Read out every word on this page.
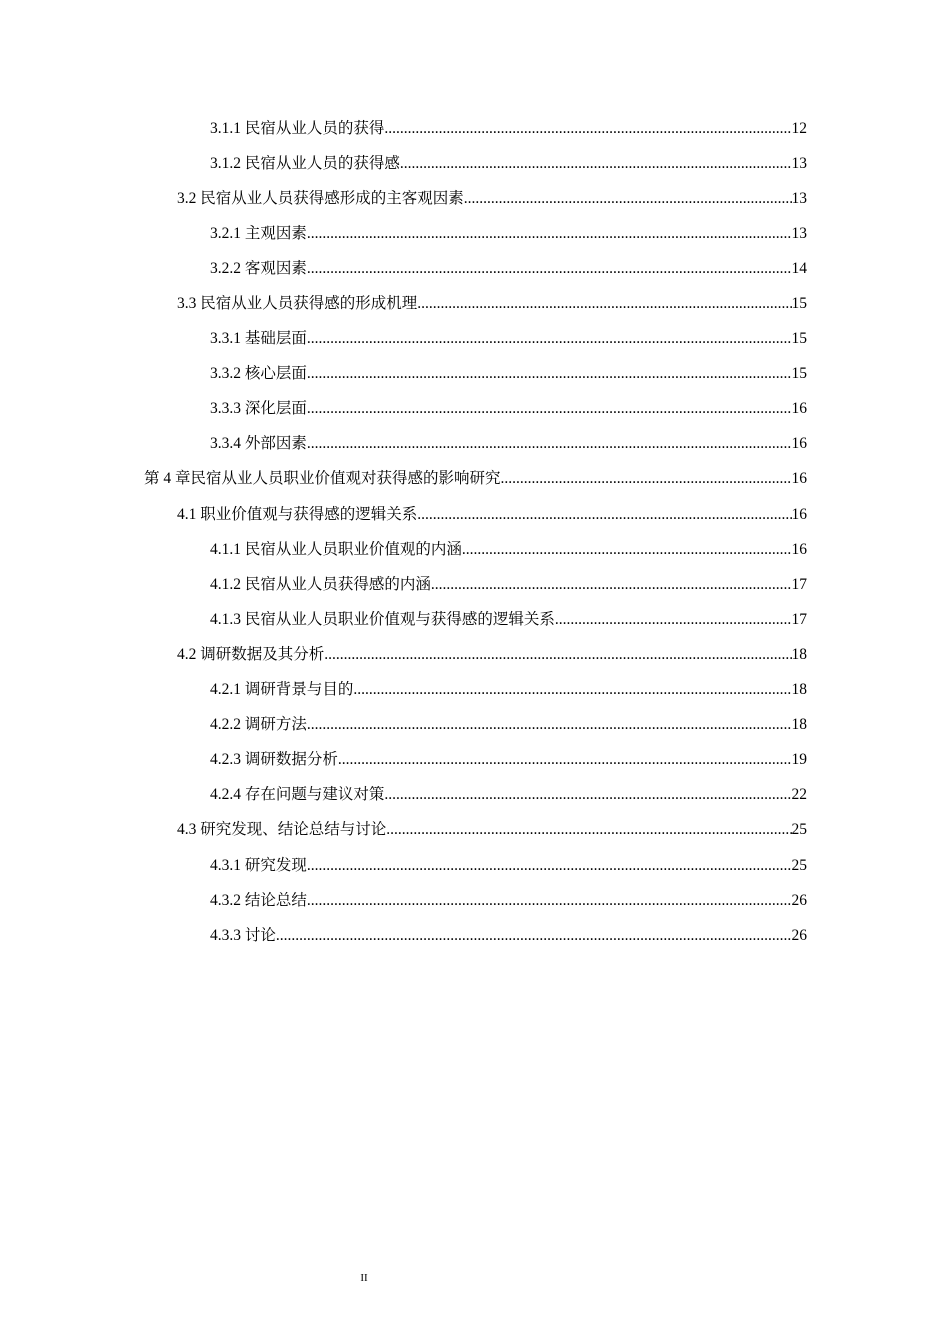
3.1.1 民宿从业人员的获得 .....	12
3.1.2 民宿从业人员的获得感 .....	13
3.2 民宿从业人员获得感形成的主客观因素 .....	13
3.2.1 主观因素 .....	13
3.2.2 客观因素 .....	14
3.3 民宿从业人员获得感的形成机理 .....	15
3.3.1 基础层面 .....	15
3.3.2 核心层面 .....	15
3.3.3 深化层面 .....	16
3.3.4 外部因素 .....	16
第 4 章民宿从业人员职业价值观对获得感的影响研究 .....	16
4.1 职业价值观与获得感的逻辑关系 .....	16
4.1.1 民宿从业人员职业价值观的内涵 .....	16
4.1.2 民宿从业人员获得感的内涵 .....	17
4.1.3 民宿从业人员职业价值观与获得感的逻辑关系 .....	17
4.2 调研数据及其分析 .....	18
4.2.1 调研背景与目的 .....	18
4.2.2 调研方法 .....	18
4.2.3 调研数据分析 .....	19
4.2.4 存在问题与建议对策 .....	22
4.3 研究发现、结论总结与讨论 .....	25
4.3.1 研究发现 .....	25
4.3.2 结论总结 .....	26
4.3.3 讨论 .....	26
II
